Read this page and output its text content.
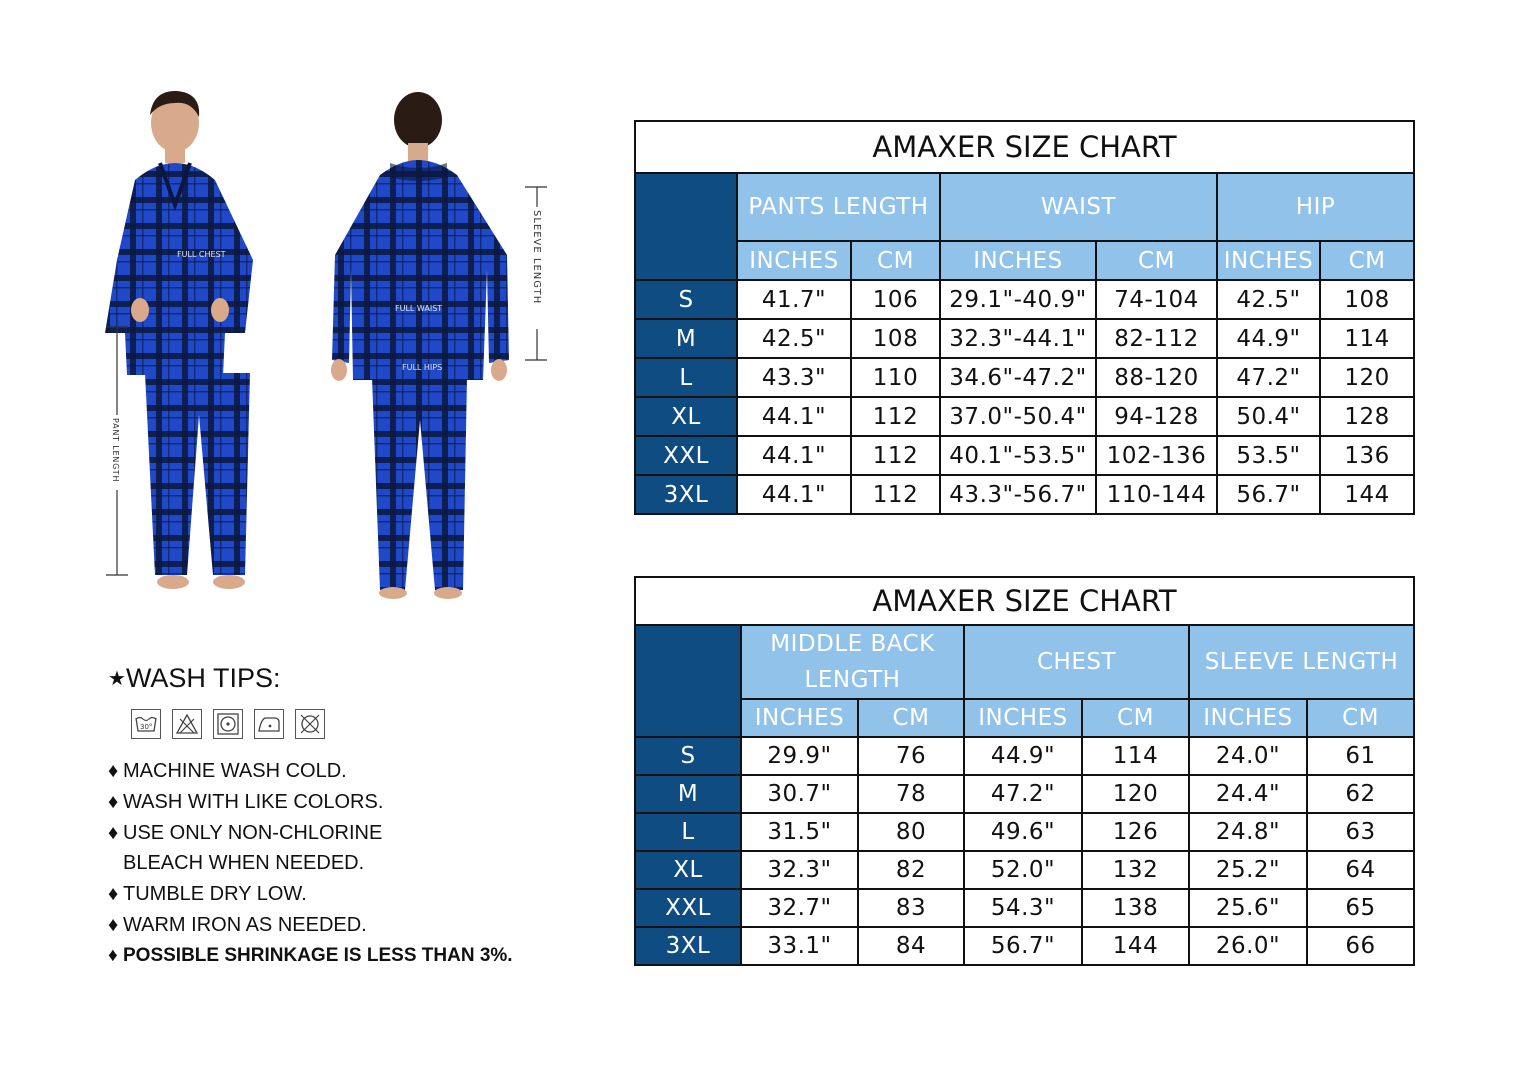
FULL CHEST
PANT LENGTH
FULL WAIST
FULL HIPS
SLEEVE LENGTH
AMAXER SIZE CHART						
	PANTS LENGTH		WAIST		HIP	
	INCHES	CM	INCHES	CM	INCHES	CM
S	41.7"	106	29.1"-40.9"	74-104	42.5"	108
M	42.5"	108	32.3"-44.1"	82-112	44.9"	114
L	43.3"	110	34.6"-47.2"	88-120	47.2"	120
XL	44.1"	112	37.0"-50.4"	94-128	50.4"	128
XXL	44.1"	112	40.1"-53.5"	102-136	53.5"	136
3XL	44.1"	112	43.3"-56.7"	110-144	56.7"	144
AMAXER SIZE CHART						
	MIDDLE BACK LENGTH		CHEST		SLEEVE LENGTH	
	INCHES	CM	INCHES	CM	INCHES	CM
S	29.9"	76	44.9"	114	24.0"	61
M	30.7"	78	47.2"	120	24.4"	62
L	31.5"	80	49.6"	126	24.8"	63
XL	32.3"	82	52.0"	132	25.2"	64
XXL	32.7"	83	54.3"	138	25.6"	65
3XL	33.1"	84	56.7"	144	26.0"	66
★WASH TIPS:
30°
♦ MACHINE WASH COLD.
♦ WASH WITH LIKE COLORS.
♦ USE ONLY NON-CHLORINE
BLEACH WHEN NEEDED.
♦ TUMBLE DRY LOW.
♦ WARM IRON AS NEEDED.
♦ POSSIBLE SHRINKAGE IS LESS THAN 3%.
